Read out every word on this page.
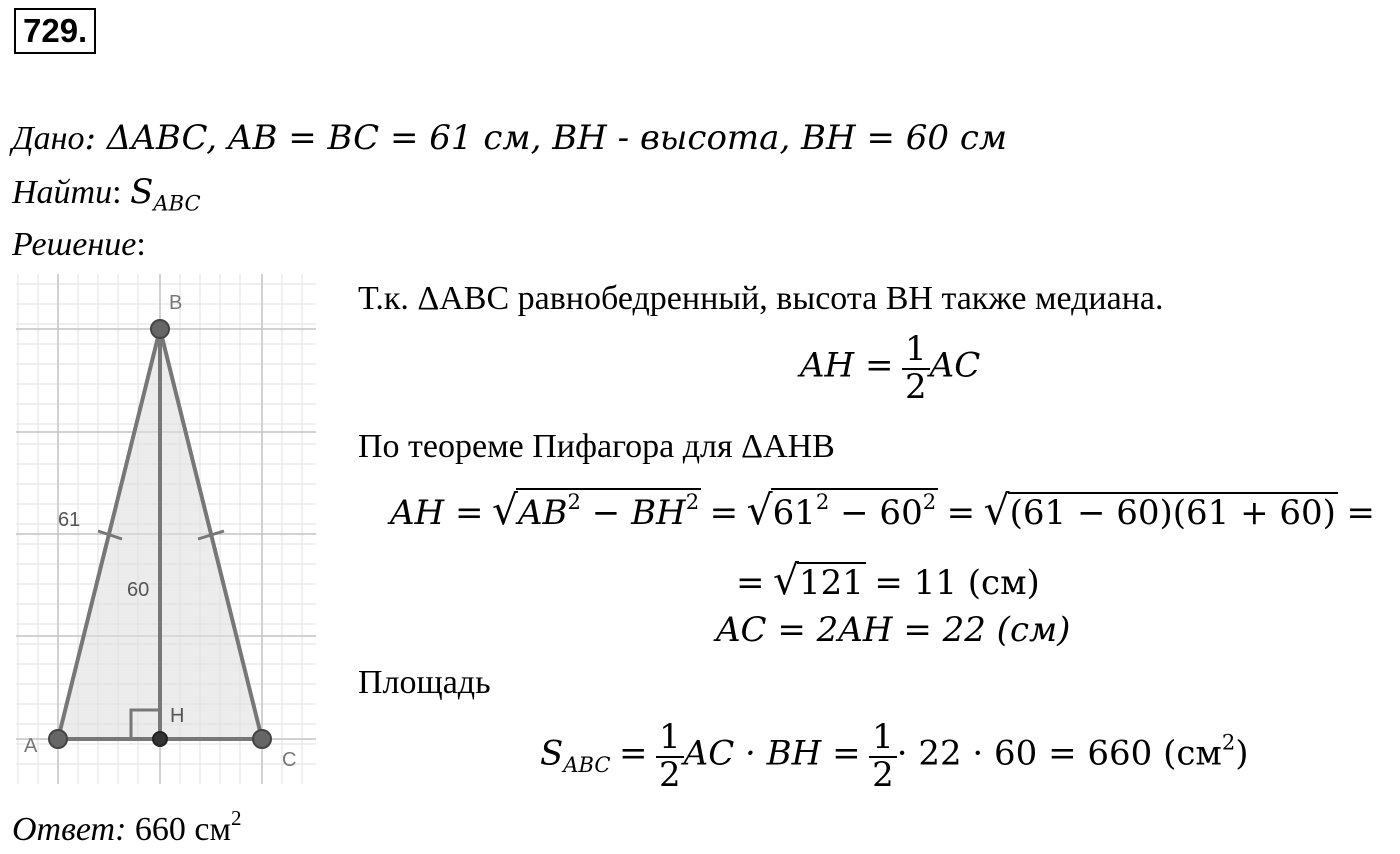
729.
Дано: ΔABC, AB = BC = 61 см, BH - высота, BH = 60 см
Найти: $S_{ABC}$
Решение:
B
A
C
H
61
60
Т.к. ΔABC равнобедренный, высота BH также медиана.
AH = $\frac{1}{2}$ AC
По теореме Пифагора для ΔAHB
AH = $√AB^2 - BH^2 = √61^2 - 60^2 = √(61 - 60)(61 + 60)$ =
= √121 = 11 (см)
AC = 2AH = 22 (см)
Площадь
$S_{ABC} = \frac{1}{2}$ AC · BH = $\frac{1}{2} \cdot 22 \cdot 60 = 660$ $(см^2)$
Ответ: 660 $см^2$
